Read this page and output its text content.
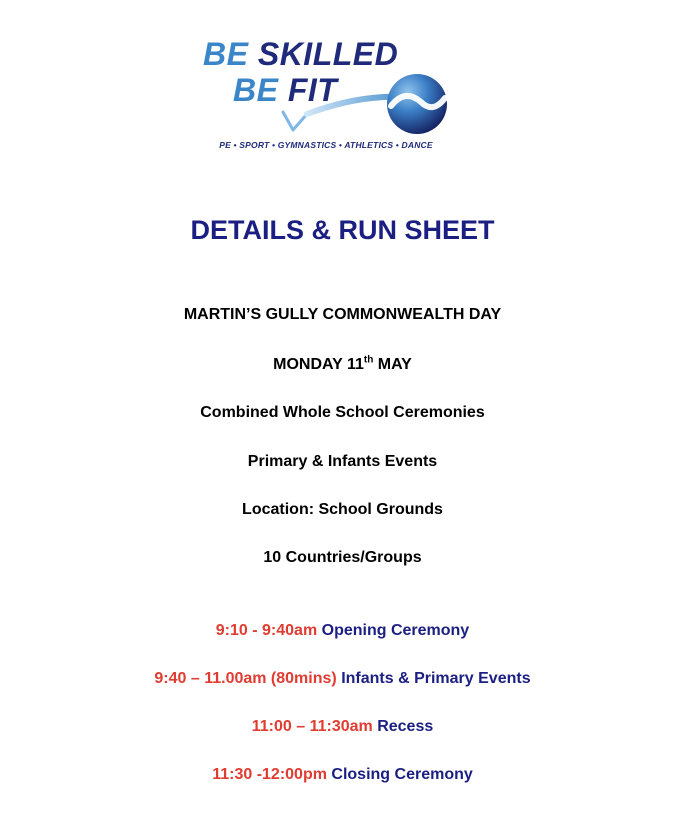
BE SKILLED
BE FIT
PE • SPORT • GYMNASTICS • ATHLETICS • DANCE
DETAILS & RUN SHEET
MARTIN’S GULLY COMMONWEALTH DAY
MONDAY 11th MAY
Combined Whole School Ceremonies
Primary & Infants Events
Location: School Grounds
10 Countries/Groups
9:10 - 9:40am Opening Ceremony
9:40 – 11.00am (80mins) Infants & Primary Events
11:00 – 11:30am Recess
11:30 -12:00pm Closing Ceremony
